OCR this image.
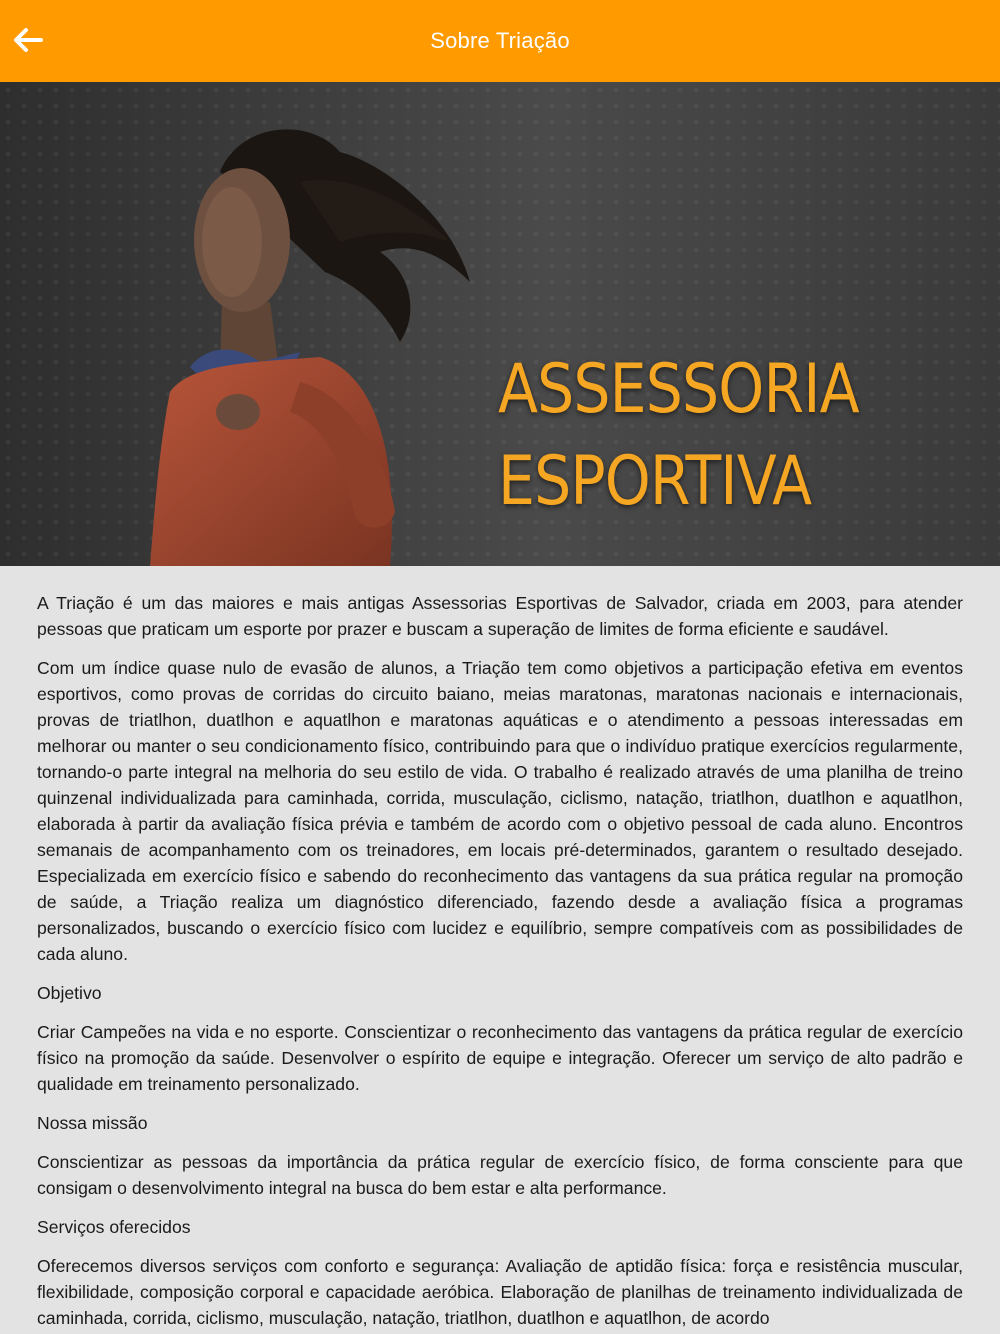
Sobre Triação
ASSESSORIA
ESPORTIVA

A Triação é um das maiores e mais antigas Assessorias Esportivas de Salvador, criada em 2003, para atender pessoas que praticam um esporte por prazer e buscam a superação de limites de forma eficiente e saudável.

Com um índice quase nulo de evasão de alunos, a Triação tem como objetivos a participação efetiva em eventos esportivos, como provas de corridas do circuito baiano, meias maratonas, maratonas nacionais e internacionais, provas de triatlhon, duatlhon e aquatlhon e maratonas aquáticas e o atendimento a pessoas interessadas em melhorar ou manter o seu condicionamento físico, contribuindo para que o indivíduo pratique exercícios regularmente, tornando-o parte integral na melhoria do seu estilo de vida. O trabalho é realizado através de uma planilha de treino quinzenal individualizada para caminhada, corrida, musculação, ciclismo, natação, triatlhon, duatlhon e aquatlhon, elaborada à partir da avaliação física prévia e também de acordo com o objetivo pessoal de cada aluno. Encontros semanais de acompanhamento com os treinadores, em locais pré-determinados, garantem o resultado desejado. Especializada em exercício físico e sabendo do reconhecimento das vantagens da sua prática regular na promoção de saúde, a Triação realiza um diagnóstico diferenciado, fazendo desde a avaliação física a programas personalizados, buscando o exercício físico com lucidez e equilíbrio, sempre compatíveis com as possibilidades de cada aluno.

Objetivo

Criar Campeões na vida e no esporte. Conscientizar o reconhecimento das vantagens da prática regular de exercício físico na promoção da saúde. Desenvolver o espírito de equipe e integração. Oferecer um serviço de alto padrão e qualidade em treinamento personalizado.

Nossa missão

Conscientizar as pessoas da importância da prática regular de exercício físico, de forma consciente para que consigam o desenvolvimento integral na busca do bem estar e alta performance.

Serviços oferecidos

Oferecemos diversos serviços com conforto e segurança: Avaliação de aptidão física: força e resistência muscular, flexibilidade, composição corporal e capacidade aeróbica. Elaboração de planilhas de treinamento individualizada de caminhada, corrida, ciclismo, musculação, natação, triatlhon, duatlhon e aquatlhon, de acordo
